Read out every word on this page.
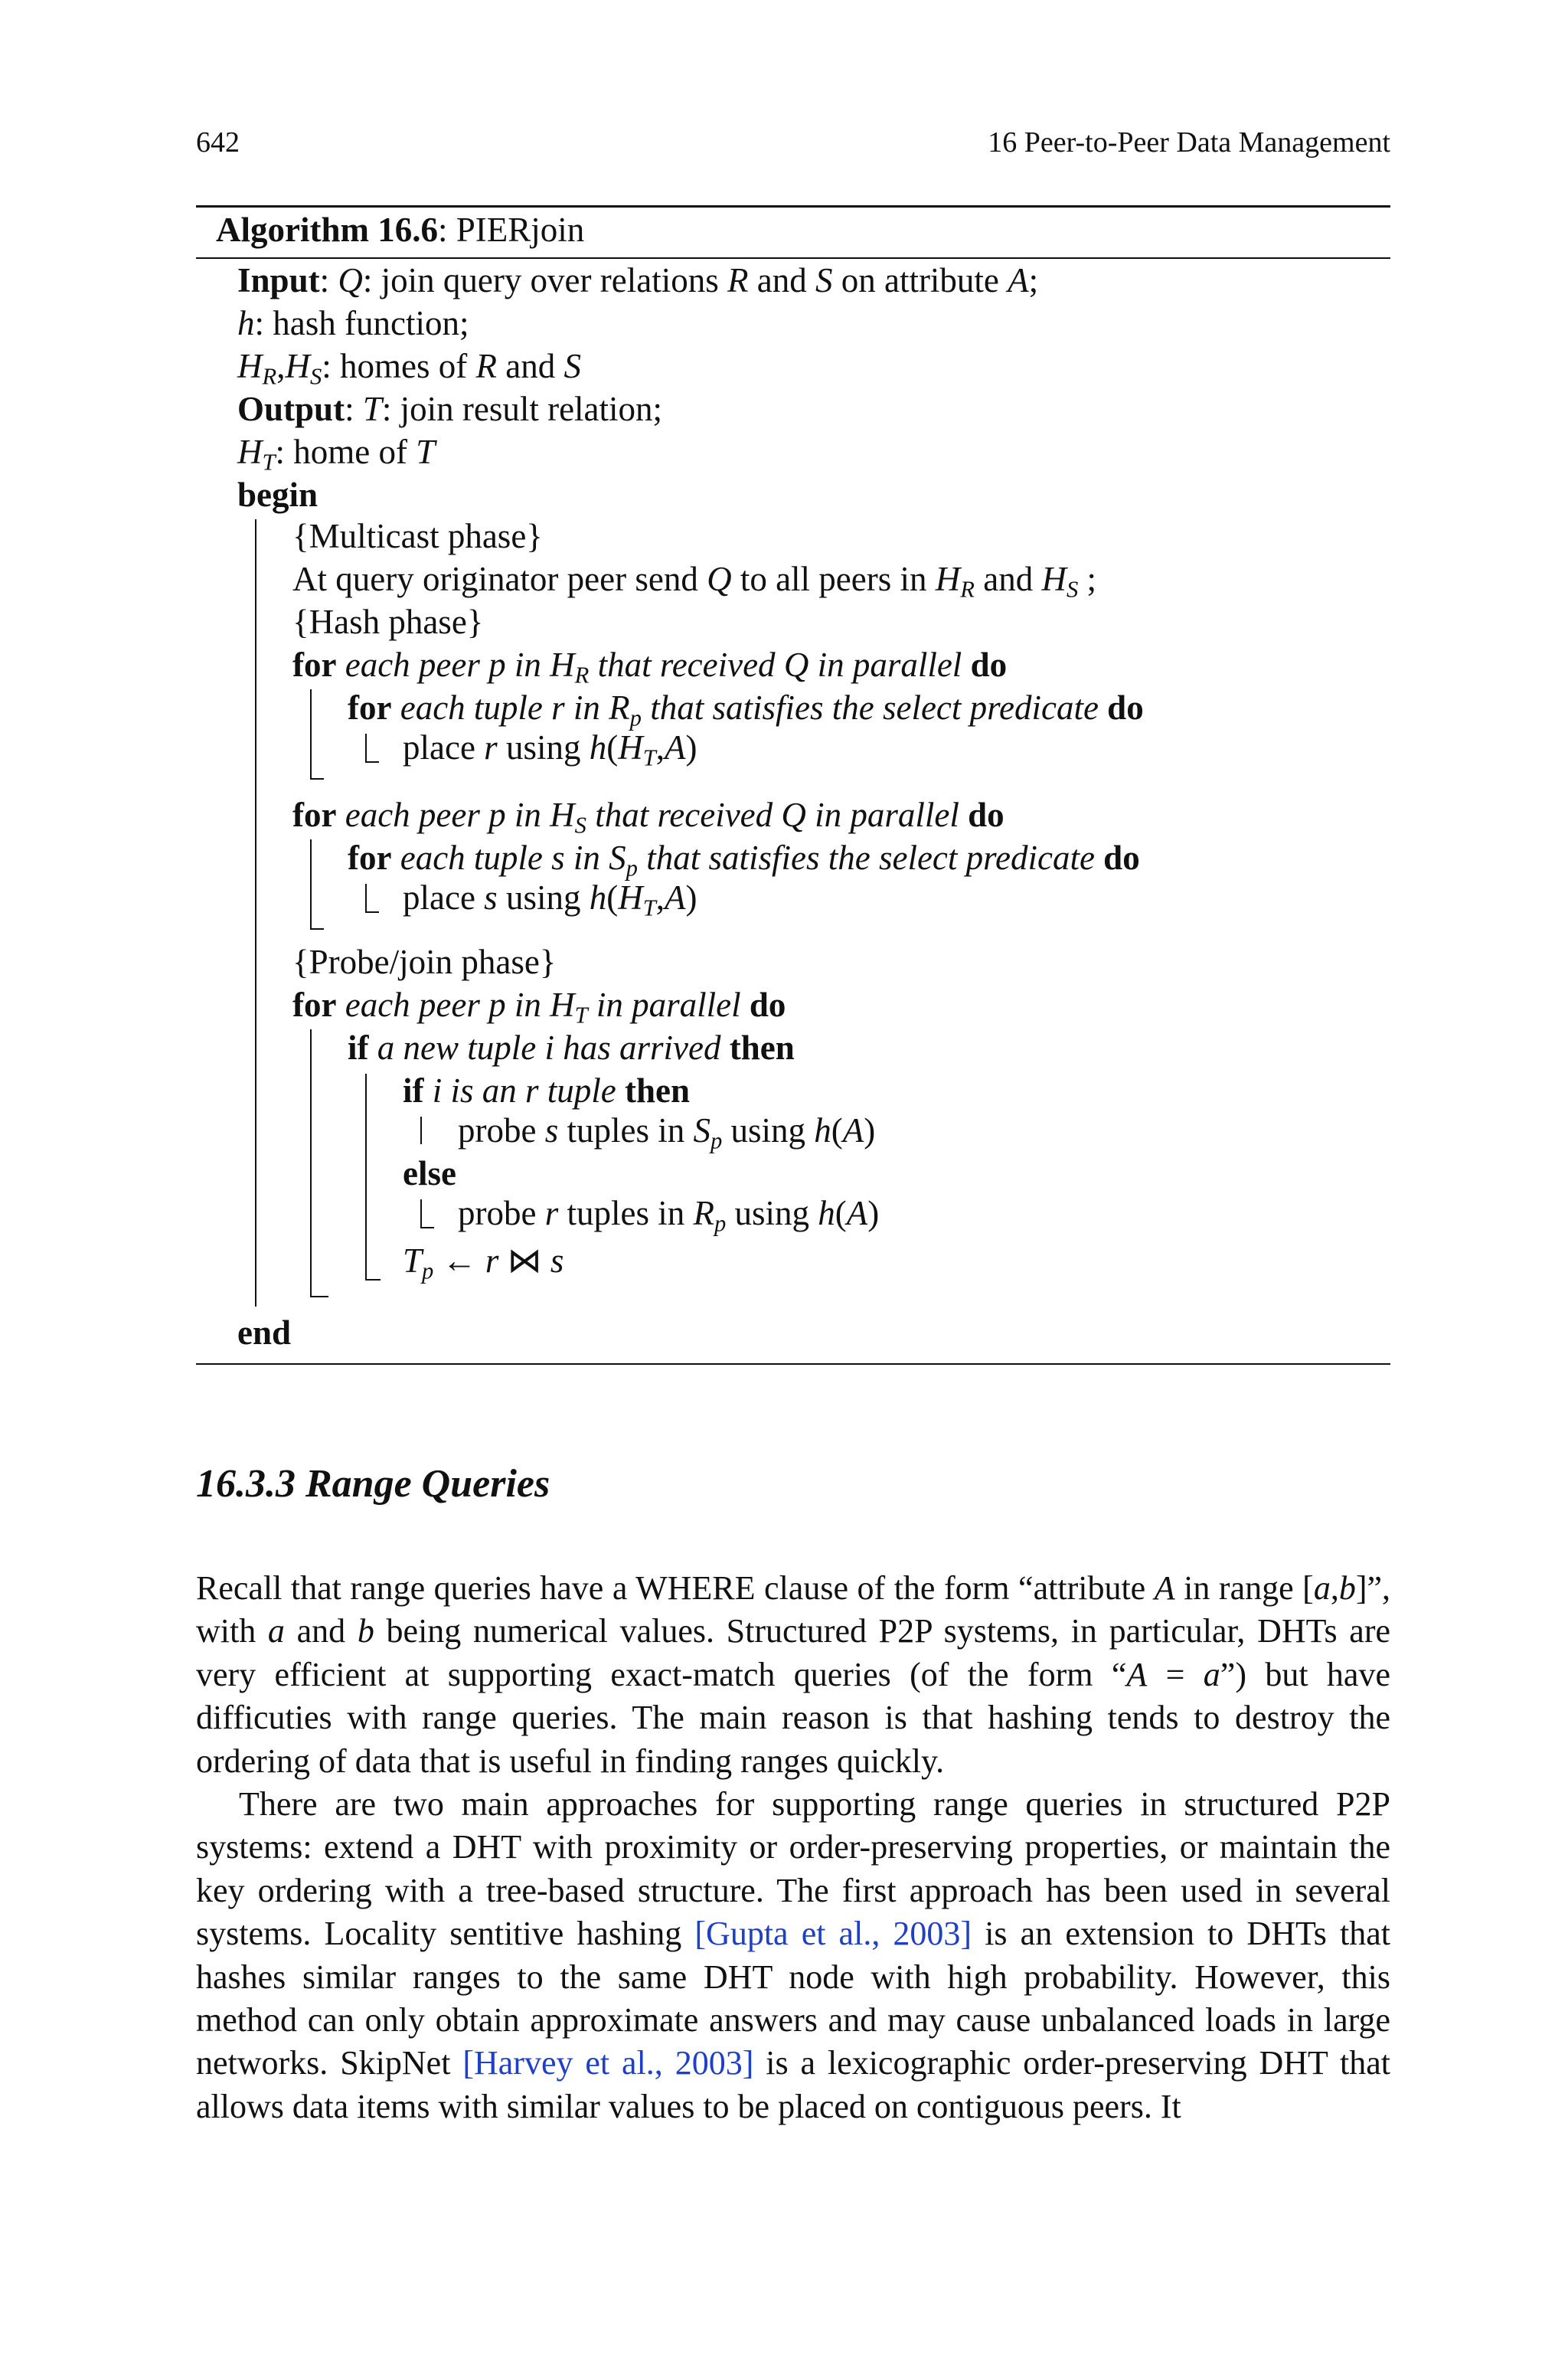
642	16 Peer-to-Peer Data Management
Algorithm 16.6: PIERjoin
Input: Q: join query over relations R and S on attribute A;
h: hash function;
$H_R,H_S$: homes of R and S
Output: T: join result relation;
$H_T$: home of T
begin
{Multicast phase}
At query originator peer send Q to all peers in $H_R$ and $H_S$ ;
{Hash phase}
for each peer p in $H_R$ that received Q in parallel do
for each tuple r in $R_p$ that satisfies the select predicate do
place r using $h(H_T,A)$
for each peer p in $H_S$ that received Q in parallel do
for each tuple s in $S_p$ that satisfies the select predicate do
place s using $h(H_T,A)$
{Probe/join phase}
for each peer p in $H_T$ in parallel do
if a new tuple i has arrived then
if i is an r tuple then
probe s tuples in $S_p$ using h(A)
else
probe r tuples in $R_p$ using h(A)
$T_p$ ← r ⋈ s
end
16.3.3 Range Queries

Recall that range queries have a WHERE clause of the form “attribute A in range [a,b]”, with a and b being numerical values. Structured P2P systems, in particular, DHTs are very efficient at supporting exact-match queries (of the form “A = a”) but have difficuties with range queries. The main reason is that hashing tends to destroy the ordering of data that is useful in finding ranges quickly.

There are two main approaches for supporting range queries in structured P2P systems: extend a DHT with proximity or order-preserving properties, or maintain the key ordering with a tree-based structure. The first approach has been used in several systems. Locality sentitive hashing [Gupta et al., 2003] is an extension to DHTs that hashes similar ranges to the same DHT node with high probability. However, this method can only obtain approximate answers and may cause unbalanced loads in large networks. SkipNet [Harvey et al., 2003] is a lexicographic order-preserving DHT that allows data items with similar values to be placed on contiguous peers. It
